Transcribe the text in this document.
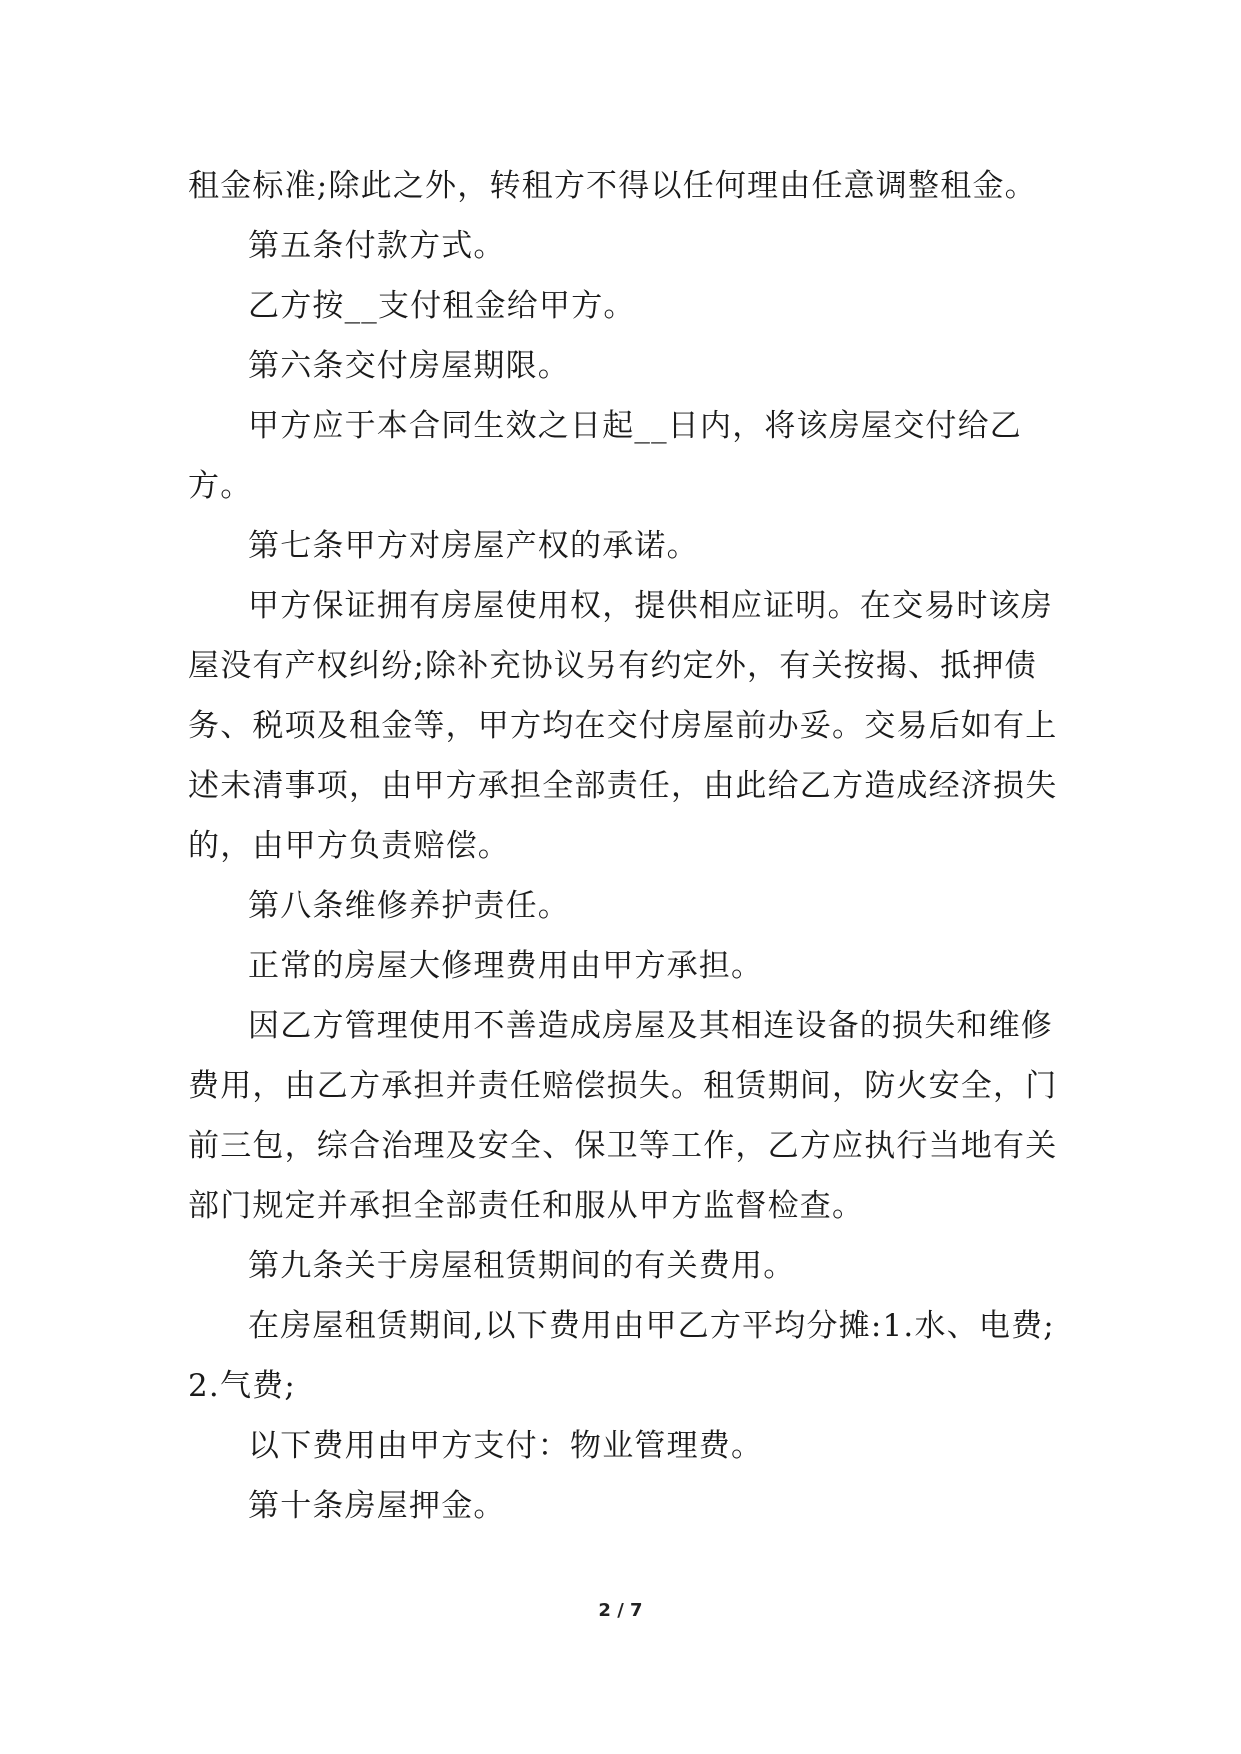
租金标准;除此之外，转租方不得以任何理由任意调整租金。

第五条付款方式。

乙方按__支付租金给甲方。

第六条交付房屋期限。

甲方应于本合同生效之日起__日内，将该房屋交付给乙方。

第七条甲方对房屋产权的承诺。

甲方保证拥有房屋使用权，提供相应证明。在交易时该房屋没有产权纠纷;除补充协议另有约定外，有关按揭、抵押债务、税项及租金等，甲方均在交付房屋前办妥。交易后如有上述未清事项，由甲方承担全部责任，由此给乙方造成经济损失的，由甲方负责赔偿。

第八条维修养护责任。

正常的房屋大修理费用由甲方承担。

因乙方管理使用不善造成房屋及其相连设备的损失和维修费用，由乙方承担并责任赔偿损失。租赁期间，防火安全，门前三包，综合治理及安全、保卫等工作，乙方应执行当地有关部门规定并承担全部责任和服从甲方监督检查。

第九条关于房屋租赁期间的有关费用。

在房屋租赁期间,以下费用由甲乙方平均分摊:1.水、电费;2.气费;

以下费用由甲方支付：物业管理费。

第十条房屋押金。

2 / 7
